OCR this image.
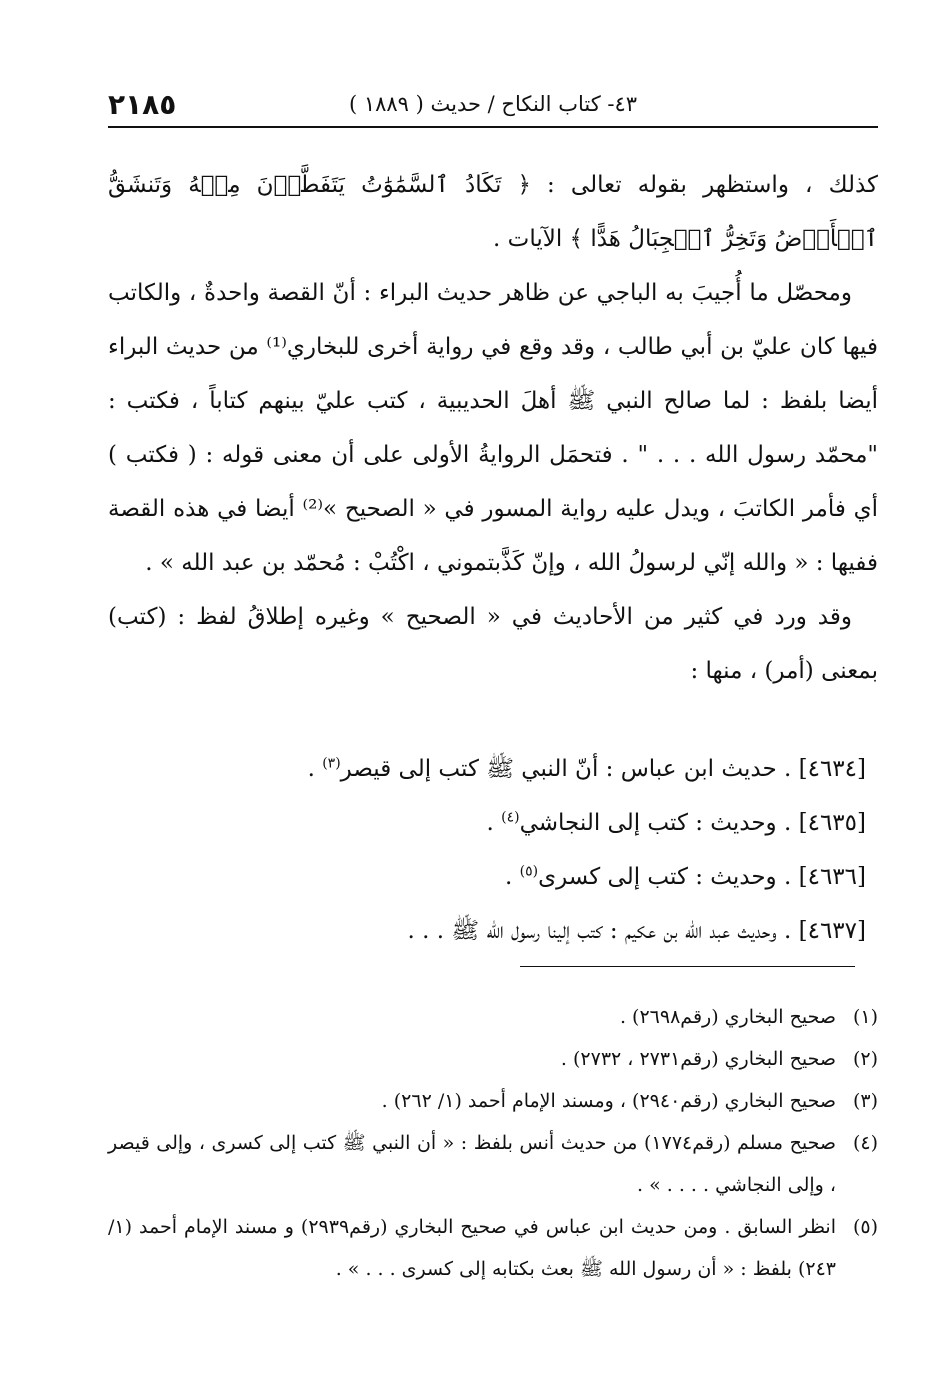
٢١٨٥	٤٣- كتاب النكاح / حديث ( ١٨٨٩ )

كذلك ، واستظهر بقوله تعالى : ﴿ تَكَادُ ٱلسَّمَٰوَٰتُ يَتَفَطَّرۡنَ مِنۡهُ وَتَنشَقُّ ٱلۡأَرۡضُ وَتَخِرُّ ٱلۡجِبَالُ هَدًّا ﴾ الآيات .

ومحصّل ما أُجيبَ به الباجي عن ظاهر حديث البراء : أنّ القصة واحدةٌ ، والكاتب فيها كان عليّ بن أبي طالب ، وقد وقع في رواية أخرى للبخاري⁽¹⁾ من حديث البراء أيضا بلفظ : لما صالح النبي ﷺ أهلَ الحديبية ، كتب عليّ بينهم كتاباً ، فكتب : "محمّد رسول الله . . . " . فتحمَل الروايةُ الأولى على أن معنى قوله : ( فكتب ) أي فأمر الكاتبَ ، ويدل عليه رواية المسور في « الصحيح »⁽²⁾ أيضا في هذه القصة ففيها : « والله إنّي لرسولُ الله ، وإنّ كَذَّبتموني ، اكْتُبْ : مُحمّد بن عبد الله » .

وقد ورد في كثير من الأحاديث في « الصحيح » وغيره إطلاقُ لفظ : (كتب) بمعنى (أمر) ، منها :

[٤٦٣٤] . حديث ابن عباس : أنّ النبي ﷺ كتب إلى قيصر$^{(٣)}$ .
[٤٦٣٥] . وحديث : كتب إلى النجاشي$^{(٤)}$ .
[٤٦٣٦] . وحديث : كتب إلى كسرى$^{(٥)}$ .
[٤٦٣٧] . وحديث عبد الله بن عكيم : كتب إلينا رسول الله ﷺ . . .
(١)
صحيح البخاري (رقم٢٦٩٨) .
(٢)
صحيح البخاري (رقم٢٧٣١ ، ٢٧٣٢) .
(٣)
صحيح البخاري (رقم٢٩٤٠) ، ومسند الإمام أحمد (١/ ٢٦٢) .
(٤)
صحيح مسلم (رقم١٧٧٤) من حديث أنس بلفظ : « أن النبي ﷺ كتب إلى كسرى ، وإلى قيصر ، وإلى النجاشي . . . . » .
(٥)
انظر السابق . ومن حديث ابن عباس في صحيح البخاري (رقم٢٩٣٩) و مسند الإمام أحمد (١/ ٢٤٣) بلفظ : « أن رسول الله ﷺ بعث بكتابه إلى كسرى . . . » .
